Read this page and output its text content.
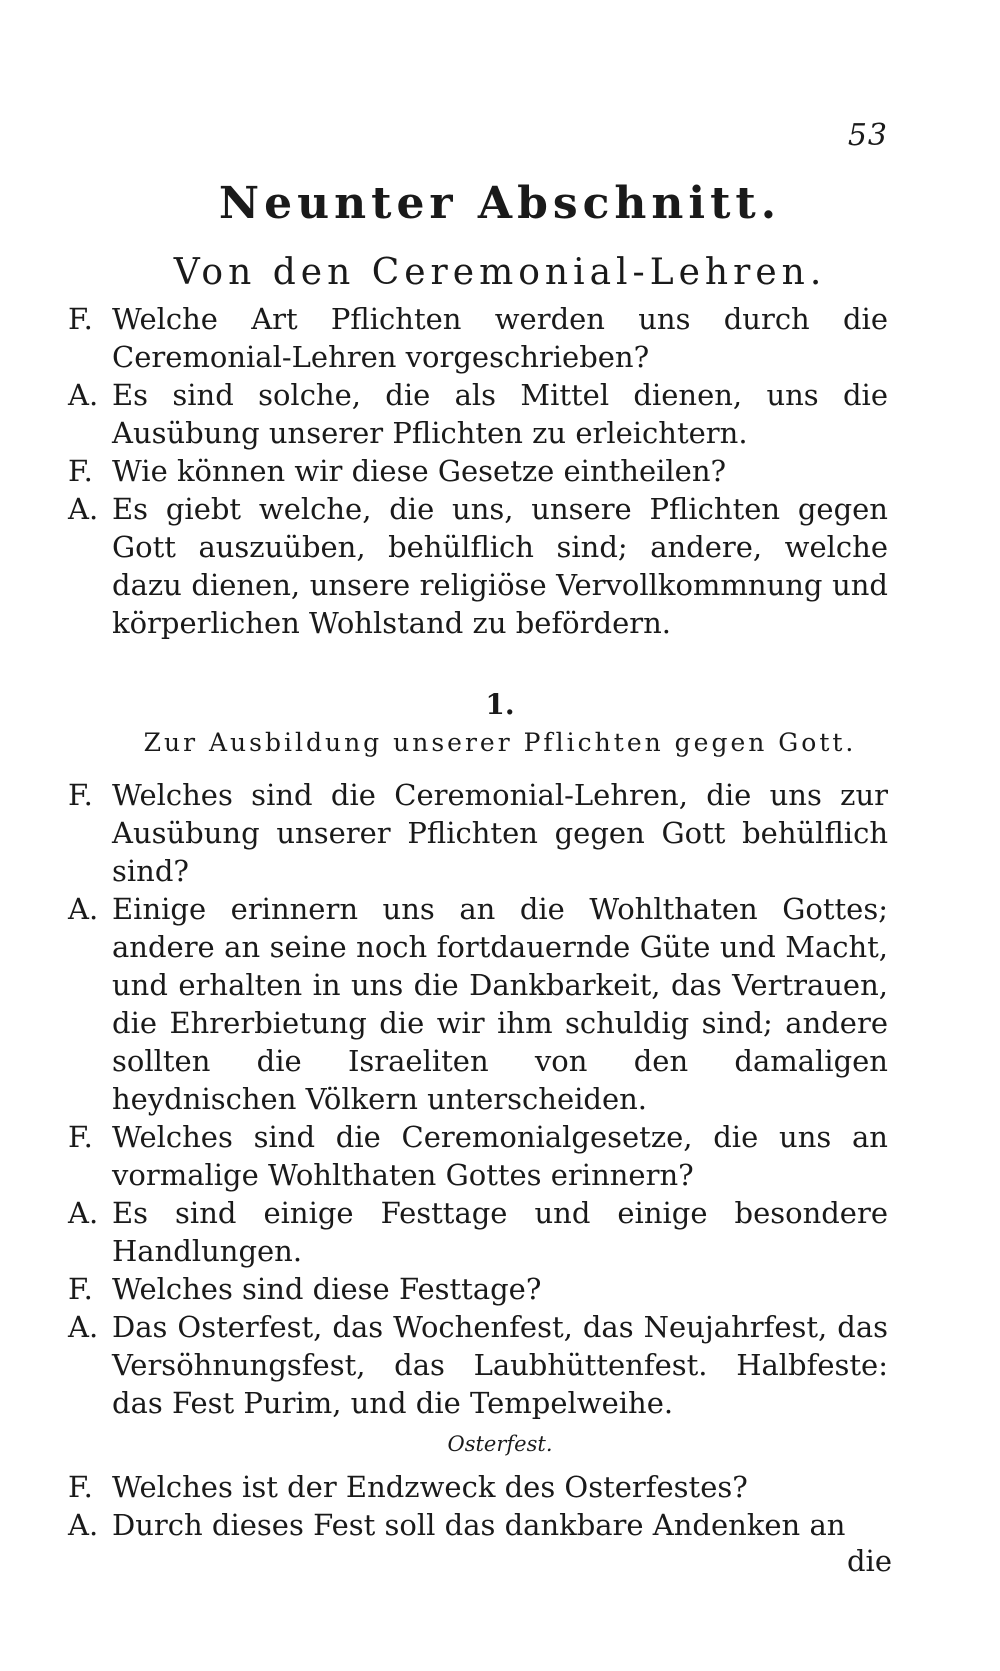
53
Neunter Abschnitt.
Von den Ceremonial-Lehren.
F. Welche Art Pflichten werden uns durch die Ceremonial-Lehren vorgeschrieben?
A. Es sind solche, die als Mittel dienen, uns die Ausübung unserer Pflichten zu erleichtern.
F. Wie können wir diese Gesetze eintheilen?
A. Es giebt welche, die uns, unsere Pflichten gegen Gott auszuüben, behülflich sind; andere, welche dazu dienen, unsere religiöse Vervollkommnung und körperlichen Wohlstand zu befördern.
1.
Zur Ausbildung unserer Pflichten gegen Gott.
F. Welches sind die Ceremonial-Lehren, die uns zur Ausübung unserer Pflichten gegen Gott behülflich sind?
A. Einige erinnern uns an die Wohlthaten Gottes; andere an seine noch fortdauernde Güte und Macht, und erhalten in uns die Dankbarkeit, das Vertrauen, die Ehrerbietung die wir ihm schuldig sind; andere sollten die Israeliten von den damaligen heydnischen Völkern unterscheiden.
F. Welches sind die Ceremonialgesetze, die uns an vormalige Wohlthaten Gottes erinnern?
A. Es sind einige Festtage und einige besondere Handlungen.
F. Welches sind diese Festtage?
A. Das Osterfest, das Wochenfest, das Neujahrfest, das Versöhnungsfest, das Laubhüttenfest. Halbfeste: das Fest Purim, und die Tempelweihe.
Osterfest.
F. Welches ist der Endzweck des Osterfestes?
A. Durch dieses Fest soll das dankbare Andenken an
die
